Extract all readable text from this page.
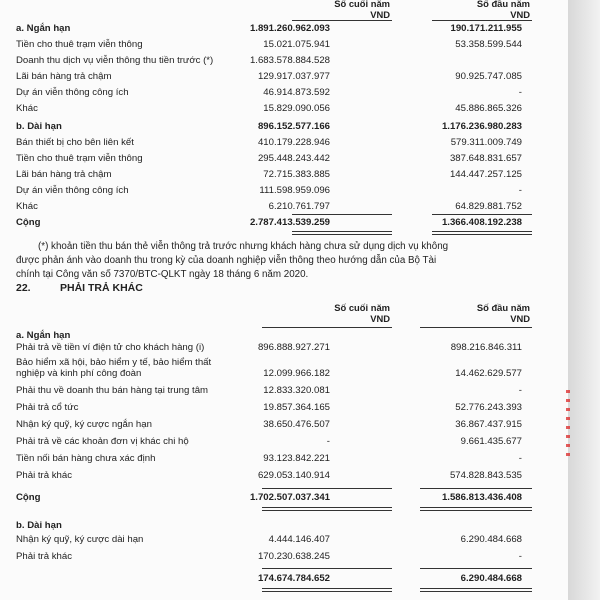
Số cuối năm
VND
Số đầu năm
VND
a. Ngắn hạn	1.891.260.962.093	190.171.211.955
Tiền cho thuê trạm viễn thông	15.021.075.941	53.358.599.544
Doanh thu dịch vụ viễn thông thu tiền trước (*)	1.683.578.884.528
Lãi bán hàng trả chậm	129.917.037.977	90.925.747.085
Dự án viễn thông công ích	46.914.873.592	-
Khác	15.829.090.056	45.886.865.326
b. Dài hạn	896.152.577.166	1.176.236.980.283
Bán thiết bị cho bên liên kết	410.179.228.946	579.311.009.749
Tiền cho thuê trạm viễn thông	295.448.243.442	387.648.831.657
Lãi bán hàng trả chậm	72.715.383.885	144.447.257.125
Dự án viễn thông công ích	111.598.959.096	-
Khác	6.210.761.797	64.829.881.752
Cộng	2.787.413.539.259	1.366.408.192.238
(*) khoản tiền thu bán thẻ viễn thông trả trước nhưng khách hàng chưa sử dụng dịch vụ không
được phản ánh vào doanh thu trong kỳ của doanh nghiệp viễn thông theo hướng dẫn của Bộ Tài
chính tại Công văn số 7370/BTC-QLKT ngày 18 tháng 6 năm 2020.
22.	PHẢI TRẢ KHÁC
Số cuối năm
VND
Số đầu năm
VND
a. Ngắn hạn
Phải trả về tiền ví điện tử cho khách hàng (i)	896.888.927.271	898.216.846.311
Bảo hiểm xã hội, bảo hiểm y tế, bảo hiểm thất
nghiệp và kinh phí công đoàn	12.099.966.182	14.462.629.577
Phải thu về doanh thu bán hàng tại trung tâm	12.833.320.081	-
Phải trả cổ tức	19.857.364.165	52.776.243.393
Nhận ký quỹ, ký cược ngắn hạn	38.650.476.507	36.867.437.915
Phải trả về các khoản đơn vị khác chi hộ	-	9.661.435.677
Tiền nối bán hàng chưa xác định	93.123.842.221	-
Phải trả khác	629.053.140.914	574.828.843.535
Cộng	1.702.507.037.341	1.586.813.436.408
b. Dài hạn
Nhận ký quỹ, ký cược dài hạn	4.444.146.407	6.290.484.668
Phải trả khác	170.230.638.245	-
174.674.784.652	6.290.484.668
